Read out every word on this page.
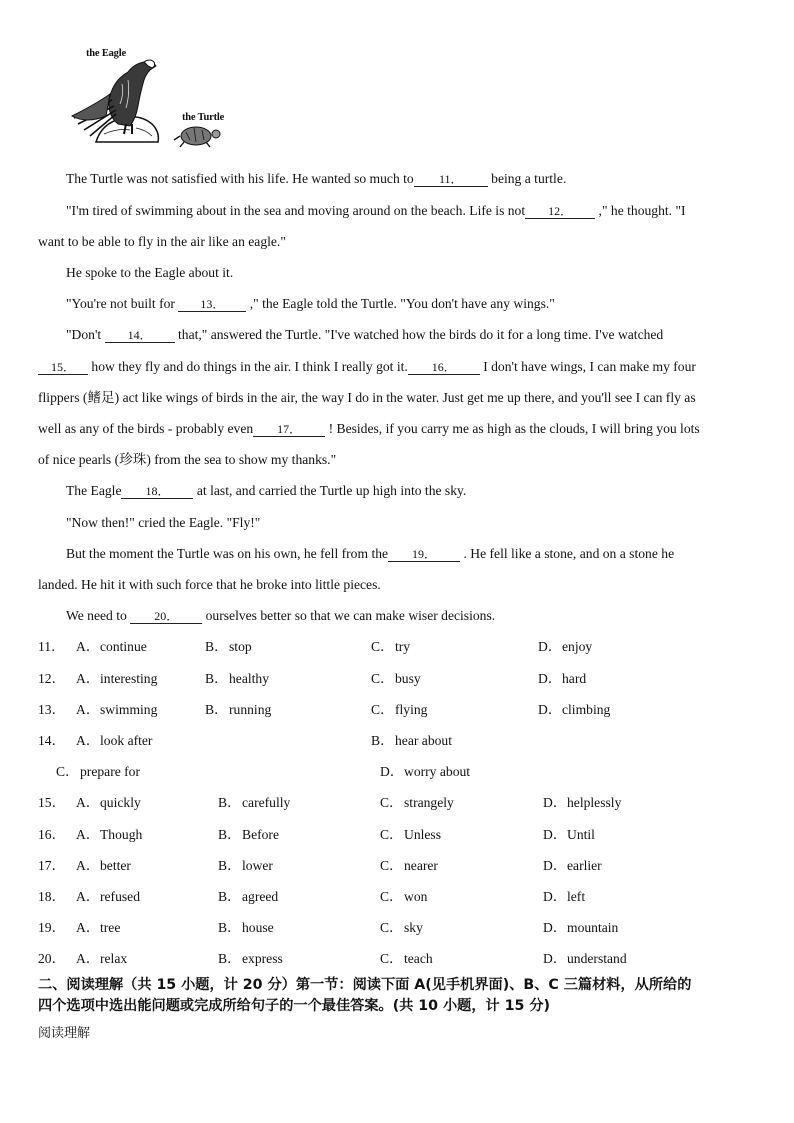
the Eagle
the Turtle
The Turtle was not satisfied with his life. He wanted so much to 11． being a turtle.
"I'm tired of swimming about in the sea and moving around on the beach. Life is not 12． ," he thought. "I
want to be able to fly in the air like an eagle."
He spoke to the Eagle about it.
"You're not built for 13． ," the Eagle told the Turtle. "You don't have any wings."
"Don't 14． that," answered the Turtle. "I've watched how the birds do it for a long time. I've watched
15． how they fly and do things in the air. I think I really got it. 16． I don't have wings, I can make my four
flippers (鳍足) act like wings of birds in the air, the way I do in the water. Just get me up there, and you'll see I can fly as
well as any of the birds - probably even 17． ! Besides, if you carry me as high as the clouds, I will bring you lots
of nice pearls (珍珠) from the sea to show my thanks."
The Eagle 18． at last, and carried the Turtle up high into the sky.
"Now then!" cried the Eagle. "Fly!"
But the moment the Turtle was on his own, he fell from the 19． . He fell like a stone, and on a stone he
landed. He hit it with such force that he broke into little pieces.
We need to 20． ourselves better so that we can make wiser decisions.
11． A．continue	B．stop	C．try	D．enjoy
12． A．interesting	B．healthy	C．busy	D．hard
13． A．swimming	B．running	C．flying	D．climbing
14． A．look after	B．hear about
C．prepare for	D．worry about
15． A．quickly	B．carefully	C．strangely	D．helplessly
16． A．Though	B．Before	C．Unless	D．Until
17． A．better	B．lower	C．nearer	D．earlier
18． A．refused	B．agreed	C．won	D．left
19． A．tree	B．house	C．sky	D．mountain
20． A．relax	B．express	C．teach	D．understand
二、阅读理解（共 15 小题，计 20 分）第一节：阅读下面 A(见手机界面)、B、C 三篇材料，从所给的
四个选项中选出能问题或完成所给句子的一个最佳答案。(共 10 小题，计 15 分)
阅读理解
